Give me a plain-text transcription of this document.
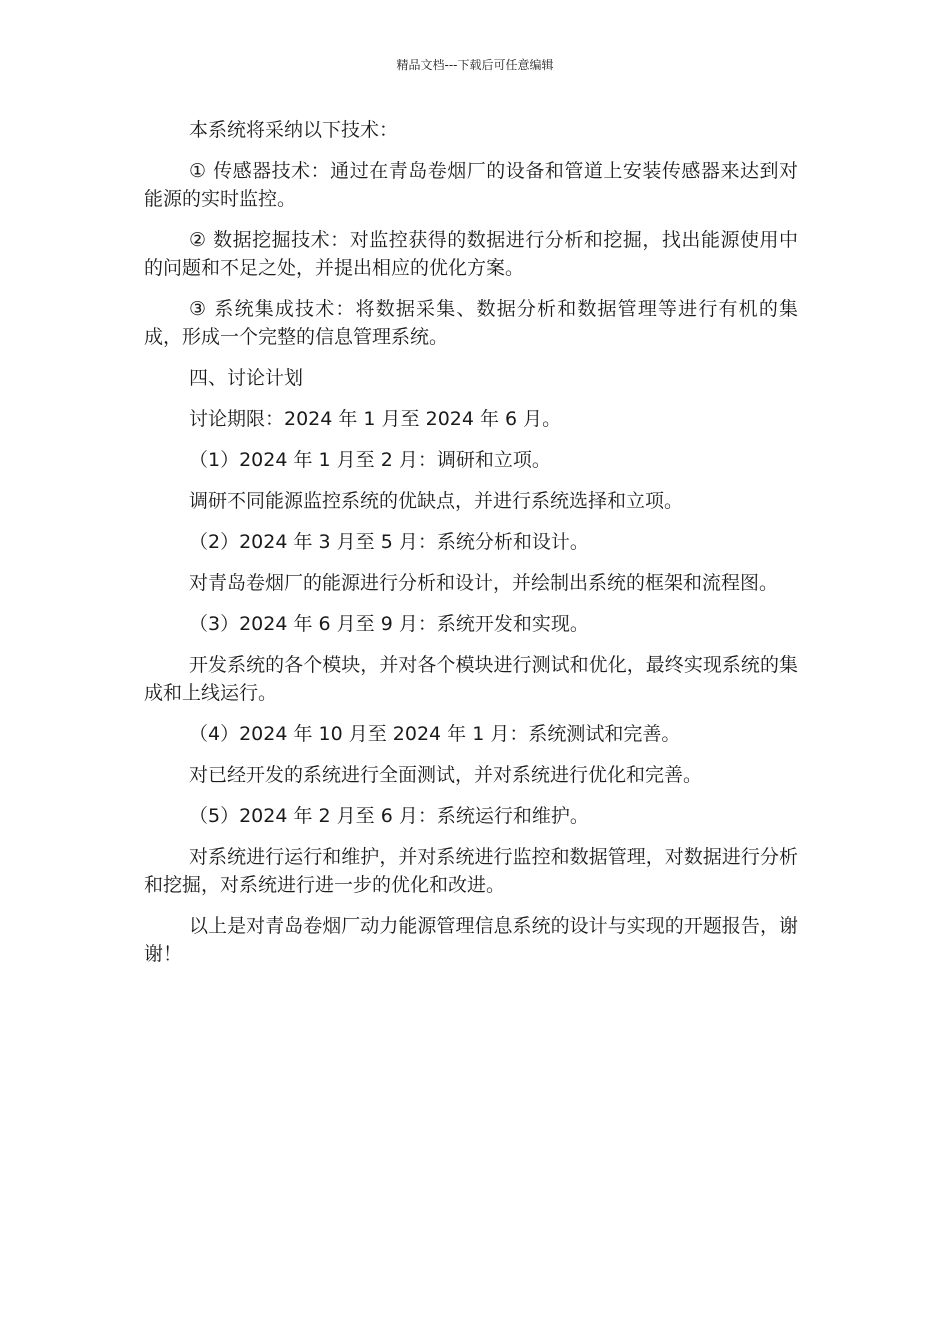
精品文档---下载后可任意编辑

本系统将采纳以下技术：

① 传感器技术：通过在青岛卷烟厂的设备和管道上安装传感器来达到对能源的实时监控。

② 数据挖掘技术：对监控获得的数据进行分析和挖掘，找出能源使用中的问题和不足之处，并提出相应的优化方案。

③ 系统集成技术：将数据采集、数据分析和数据管理等进行有机的集成，形成一个完整的信息管理系统。

四、讨论计划

讨论期限：2024 年 1 月至 2024 年 6 月。

（1）2024 年 1 月至 2 月：调研和立项。

调研不同能源监控系统的优缺点，并进行系统选择和立项。

（2）2024 年 3 月至 5 月：系统分析和设计。

对青岛卷烟厂的能源进行分析和设计，并绘制出系统的框架和流程图。

（3）2024 年 6 月至 9 月：系统开发和实现。

开发系统的各个模块，并对各个模块进行测试和优化，最终实现系统的集成和上线运行。

（4）2024 年 10 月至 2024 年 1 月：系统测试和完善。

对已经开发的系统进行全面测试，并对系统进行优化和完善。

（5）2024 年 2 月至 6 月：系统运行和维护。

对系统进行运行和维护，并对系统进行监控和数据管理，对数据进行分析和挖掘，对系统进行进一步的优化和改进。

以上是对青岛卷烟厂动力能源管理信息系统的设计与实现的开题报告，谢谢！
